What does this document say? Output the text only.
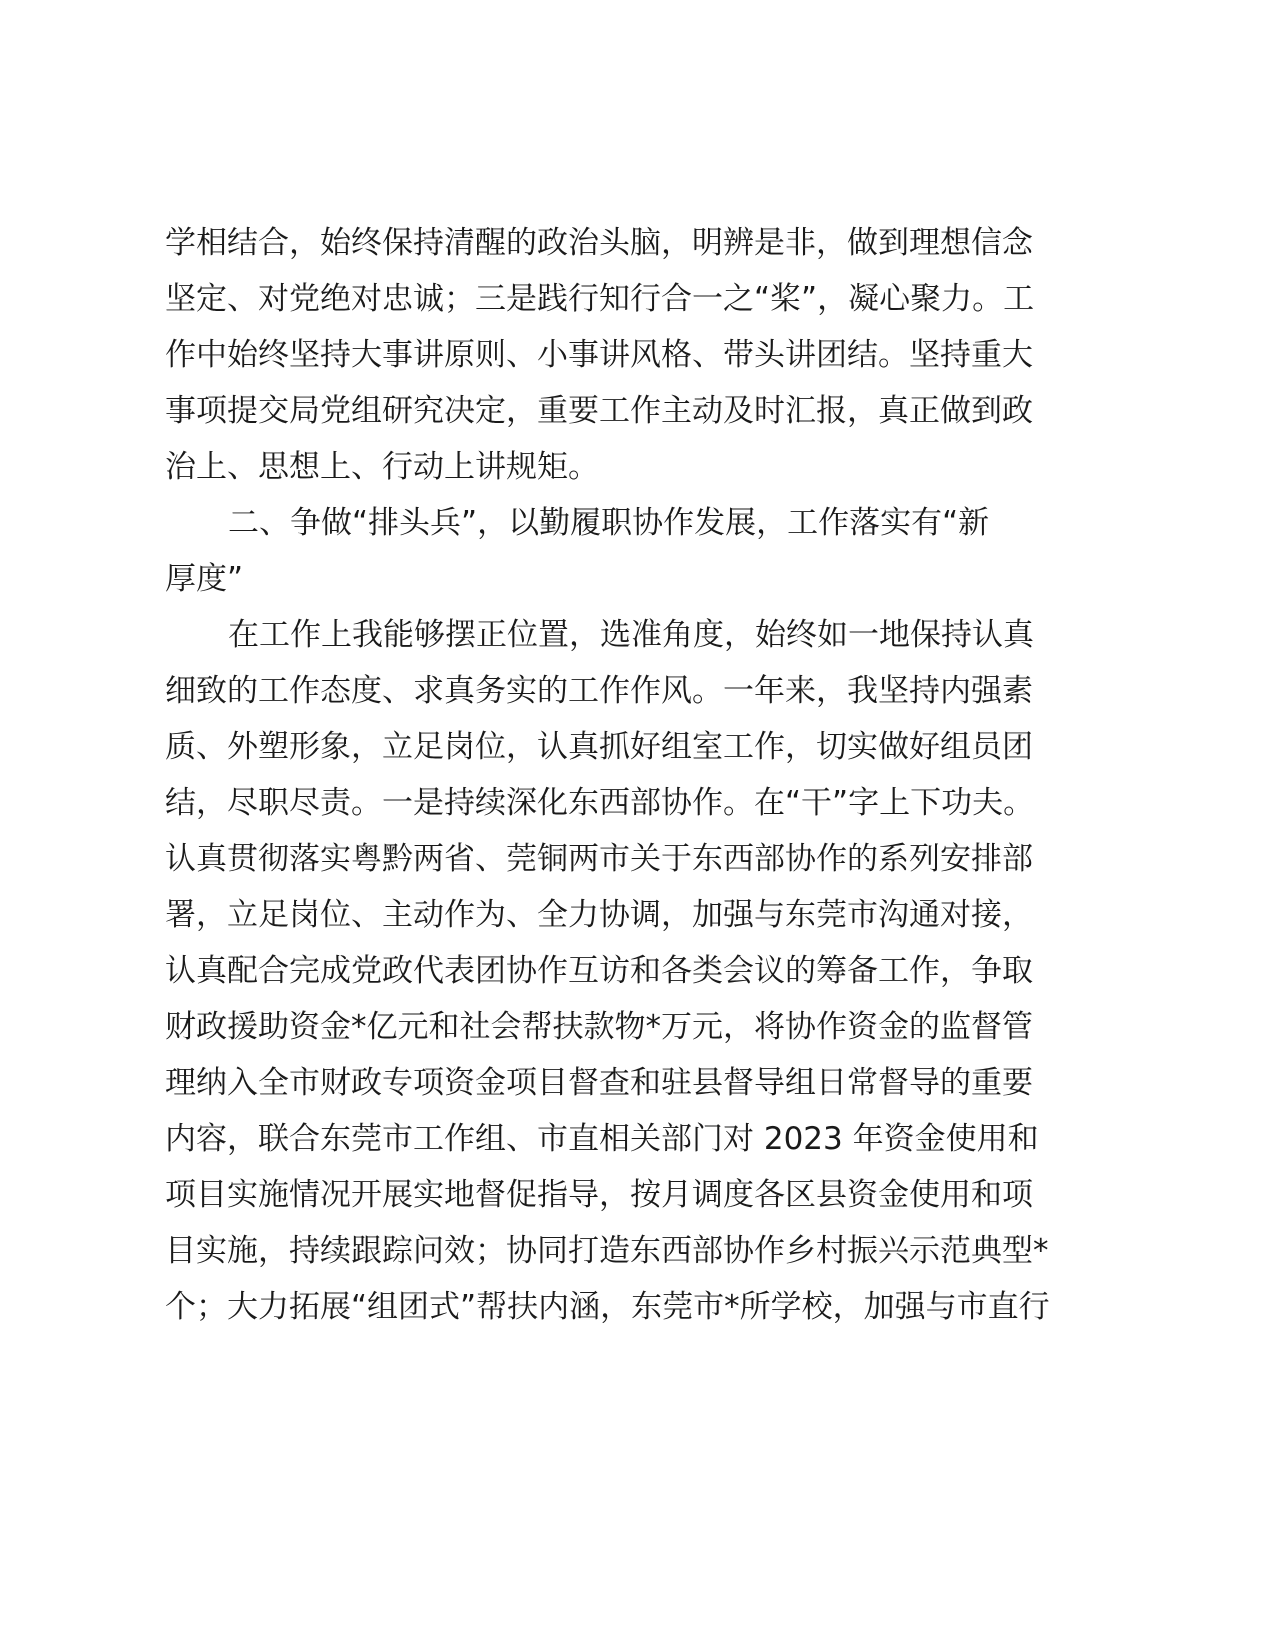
学相结合，始终保持清醒的政治头脑，明辨是非，做到理想信念
坚定、对党绝对忠诚；三是践行知行合一之“桨”，凝心聚力。工
作中始终坚持大事讲原则、小事讲风格、带头讲团结。坚持重大
事项提交局党组研究决定，重要工作主动及时汇报，真正做到政
治上、思想上、行动上讲规矩。
二、争做“排头兵”，以勤履职协作发展，工作落实有“新
厚度”
在工作上我能够摆正位置，选准角度，始终如一地保持认真
细致的工作态度、求真务实的工作作风。一年来，我坚持内强素
质、外塑形象，立足岗位，认真抓好组室工作，切实做好组员团
结，尽职尽责。一是持续深化东西部协作。在“干”字上下功夫。
认真贯彻落实粤黔两省、莞铜两市关于东西部协作的系列安排部
署，立足岗位、主动作为、全力协调，加强与东莞市沟通对接，
认真配合完成党政代表团协作互访和各类会议的筹备工作，争取
财政援助资金*亿元和社会帮扶款物*万元，将协作资金的监督管
理纳入全市财政专项资金项目督查和驻县督导组日常督导的重要
内容，联合东莞市工作组、市直相关部门对 2023 年资金使用和
项目实施情况开展实地督促指导，按月调度各区县资金使用和项
目实施，持续跟踪问效；协同打造东西部协作乡村振兴示范典型*
个；大力拓展“组团式”帮扶内涵，东莞市*所学校，加强与市直行
